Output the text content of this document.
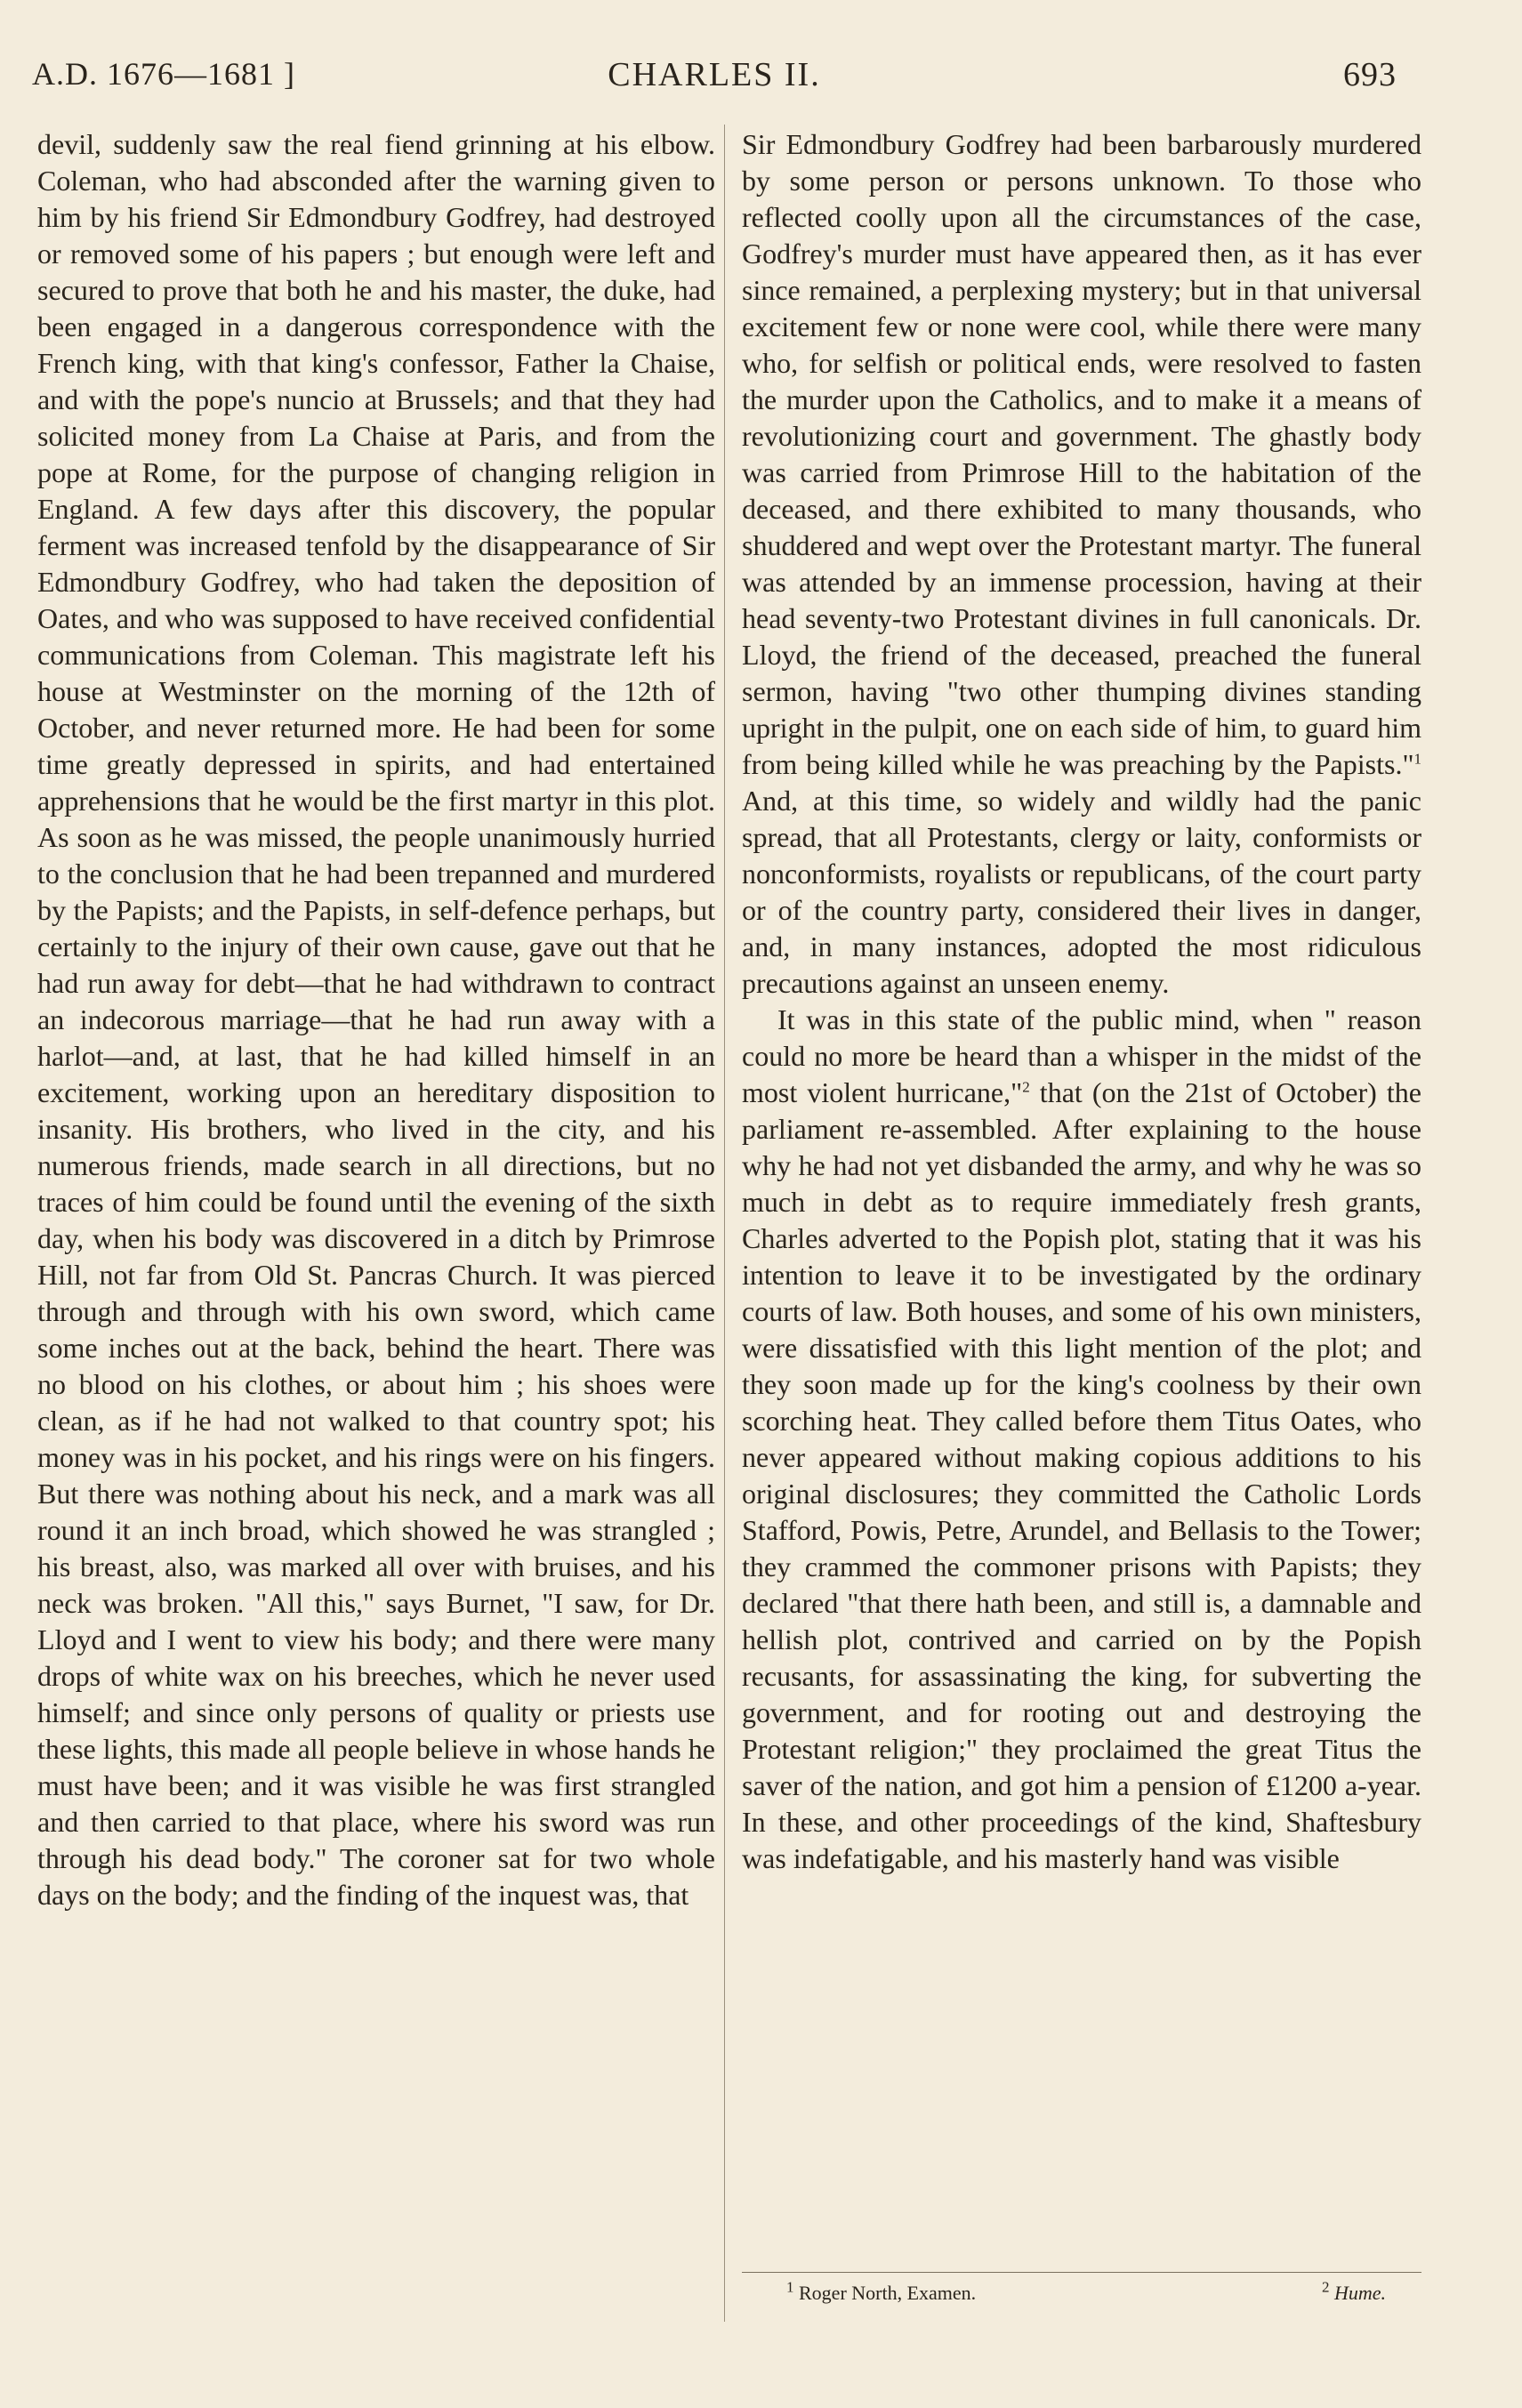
A.D. 1676—1681 ]	CHARLES II.	693

devil, suddenly saw the real fiend grinning at his elbow. Coleman, who had absconded after the warning given to him by his friend Sir Edmondbury Godfrey, had destroyed or removed some of his papers ; but enough were left and secured to prove that both he and his master, the duke, had been engaged in a dangerous correspondence with the French king, with that king's confessor, Father la Chaise, and with the pope's nuncio at Brussels; and that they had solicited money from La Chaise at Paris, and from the pope at Rome, for the purpose of changing religion in England. A few days after this discovery, the popular ferment was increased tenfold by the disappearance of Sir Edmondbury Godfrey, who had taken the deposition of Oates, and who was supposed to have received confidential communications from Coleman. This magistrate left his house at Westminster on the morning of the 12th of October, and never returned more. He had been for some time greatly depressed in spirits, and had entertained apprehensions that he would be the first martyr in this plot. As soon as he was missed, the people unanimously hurried to the conclusion that he had been trepanned and murdered by the Papists; and the Papists, in self-defence perhaps, but certainly to the injury of their own cause, gave out that he had run away for debt—that he had withdrawn to contract an indecorous marriage—that he had run away with a harlot—and, at last, that he had killed himself in an excitement, working upon an hereditary disposition to insanity. His brothers, who lived in the city, and his numerous friends, made search in all directions, but no traces of him could be found until the evening of the sixth day, when his body was discovered in a ditch by Primrose Hill, not far from Old St. Pancras Church. It was pierced through and through with his own sword, which came some inches out at the back, behind the heart. There was no blood on his clothes, or about him ; his shoes were clean, as if he had not walked to that country spot; his money was in his pocket, and his rings were on his fingers. But there was nothing about his neck, and a mark was all round it an inch broad, which showed he was strangled ; his breast, also, was marked all over with bruises, and his neck was broken. "All this," says Burnet, "I saw, for Dr. Lloyd and I went to view his body; and there were many drops of white wax on his breeches, which he never used himself; and since only persons of quality or priests use these lights, this made all people believe in whose hands he must have been; and it was visible he was first strangled and then carried to that place, where his sword was run through his dead body." The coroner sat for two whole days on the body; and the finding of the inquest was, that

Sir Edmondbury Godfrey had been barbarously murdered by some person or persons unknown. To those who reflected coolly upon all the circumstances of the case, Godfrey's murder must have appeared then, as it has ever since remained, a perplexing mystery; but in that universal excitement few or none were cool, while there were many who, for selfish or political ends, were resolved to fasten the murder upon the Catholics, and to make it a means of revolutionizing court and government. The ghastly body was carried from Primrose Hill to the habitation of the deceased, and there exhibited to many thousands, who shuddered and wept over the Protestant martyr. The funeral was attended by an immense procession, having at their head seventy-two Protestant divines in full canonicals. Dr. Lloyd, the friend of the deceased, preached the funeral sermon, having "two other thumping divines standing upright in the pulpit, one on each side of him, to guard him from being killed while he was preaching by the Papists."$^1$ And, at this time, so widely and wildly had the panic spread, that all Protestants, clergy or laity, conformists or nonconformists, royalists or republicans, of the court party or of the country party, considered their lives in danger, and, in many instances, adopted the most ridiculous precautions against an unseen enemy.

It was in this state of the public mind, when " reason could no more be heard than a whisper in the midst of the most violent hurricane,"$^2$ that (on the 21st of October) the parliament re-assembled. After explaining to the house why he had not yet disbanded the army, and why he was so much in debt as to require immediately fresh grants, Charles adverted to the Popish plot, stating that it was his intention to leave it to be investigated by the ordinary courts of law. Both houses, and some of his own ministers, were dissatisfied with this light mention of the plot; and they soon made up for the king's coolness by their own scorching heat. They called before them Titus Oates, who never appeared without making copious additions to his original disclosures; they committed the Catholic Lords Stafford, Powis, Petre, Arundel, and Bellasis to the Tower; they crammed the commoner prisons with Papists; they declared "that there hath been, and still is, a damnable and hellish plot, contrived and carried on by the Popish recusants, for assassinating the king, for subverting the government, and for rooting out and destroying the Protestant religion;" they proclaimed the great Titus the saver of the nation, and got him a pension of £1200 a-year. In these, and other proceedings of the kind, Shaftesbury was indefatigable, and his masterly hand was visible

$^1$ Roger North, Examen.	$^2$ Hume.
